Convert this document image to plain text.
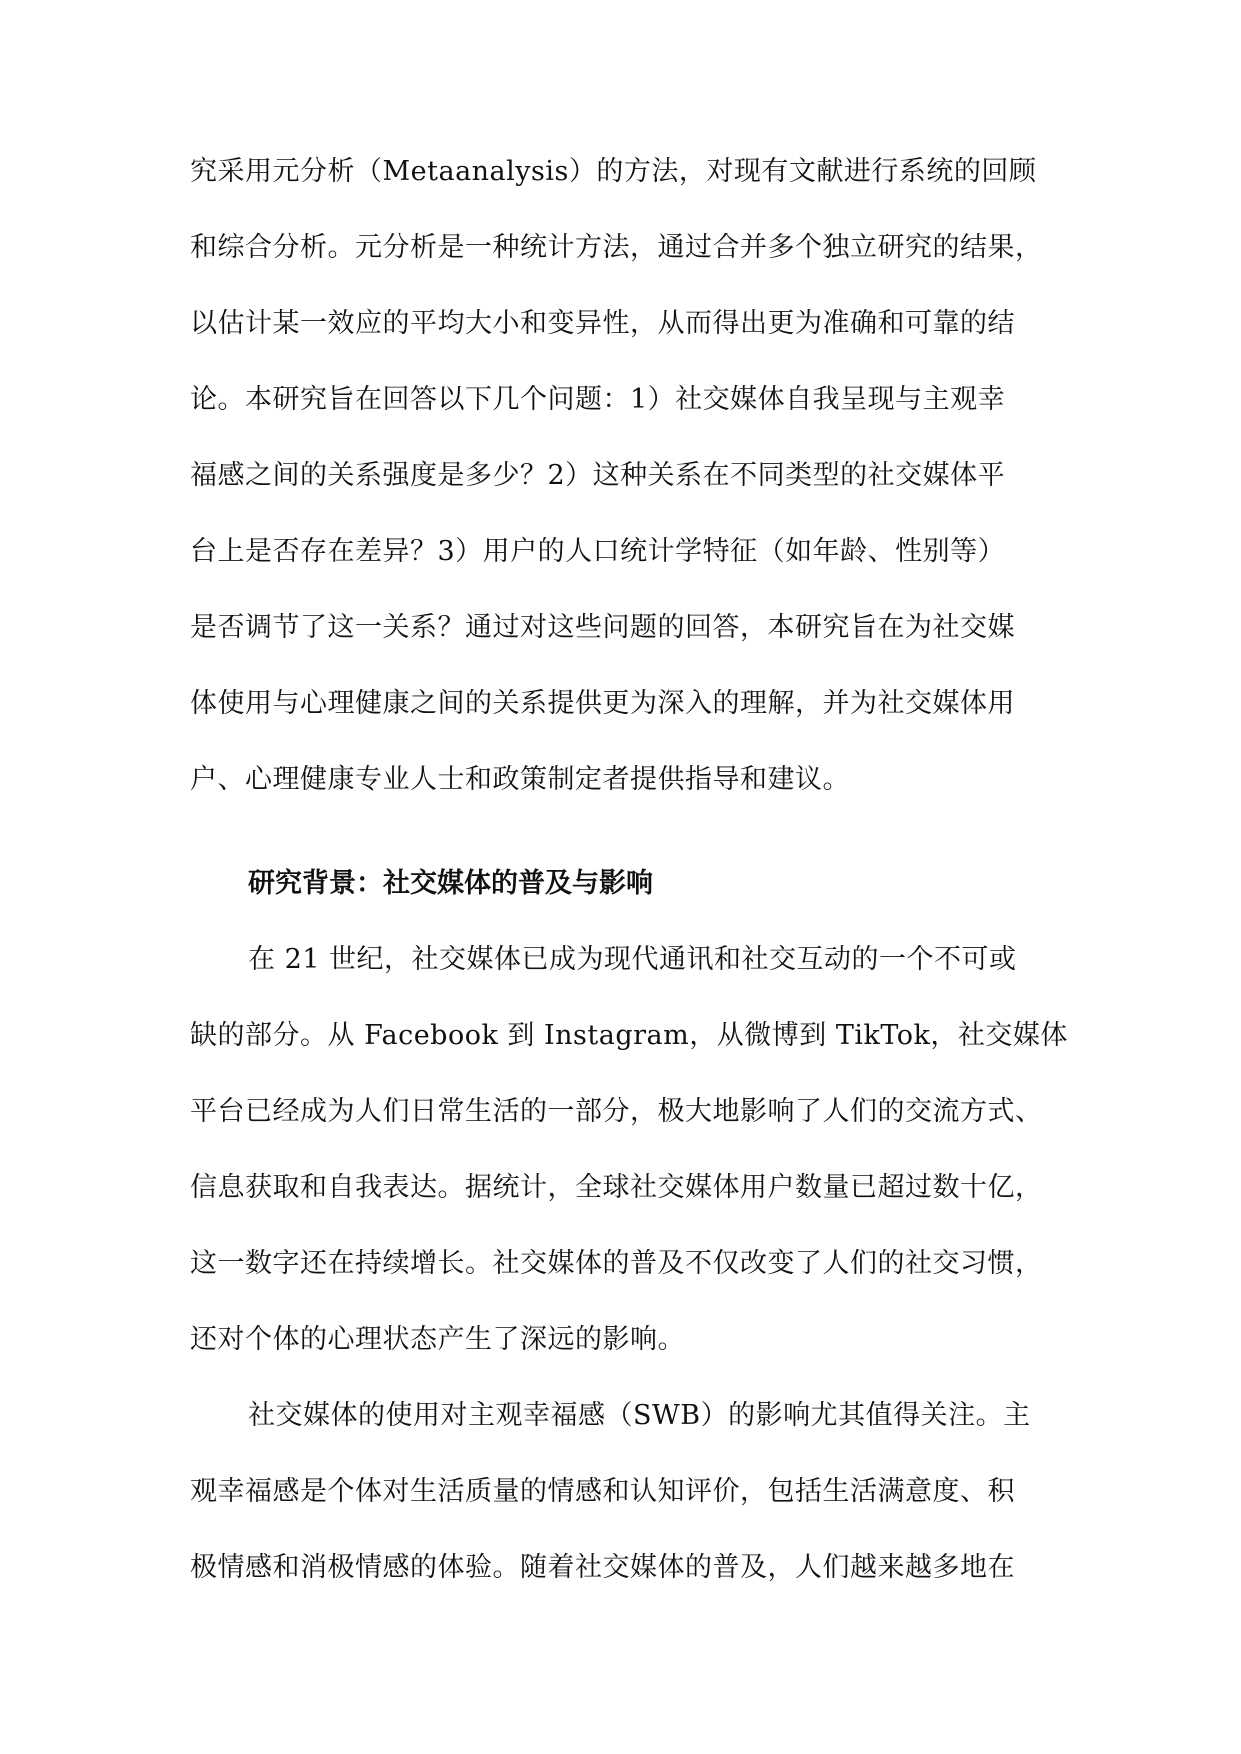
究采用元分析（Metaanalysis）的方法，对现有文献进行系统的回顾
和综合分析。元分析是一种统计方法，通过合并多个独立研究的结果，
以估计某一效应的平均大小和变异性，从而得出更为准确和可靠的结
论。本研究旨在回答以下几个问题：1）社交媒体自我呈现与主观幸
福感之间的关系强度是多少？2）这种关系在不同类型的社交媒体平
台上是否存在差异？3）用户的人口统计学特征（如年龄、性别等）
是否调节了这一关系？通过对这些问题的回答，本研究旨在为社交媒
体使用与心理健康之间的关系提供更为深入的理解，并为社交媒体用
户、心理健康专业人士和政策制定者提供指导和建议。
研究背景：社交媒体的普及与影响
在 21 世纪，社交媒体已成为现代通讯和社交互动的一个不可或
缺的部分。从 Facebook 到 Instagram，从微博到 TikTok，社交媒体
平台已经成为人们日常生活的一部分，极大地影响了人们的交流方式、
信息获取和自我表达。据统计，全球社交媒体用户数量已超过数十亿，
这一数字还在持续增长。社交媒体的普及不仅改变了人们的社交习惯，
还对个体的心理状态产生了深远的影响。
社交媒体的使用对主观幸福感（SWB）的影响尤其值得关注。主
观幸福感是个体对生活质量的情感和认知评价，包括生活满意度、积
极情感和消极情感的体验。随着社交媒体的普及，人们越来越多地在
